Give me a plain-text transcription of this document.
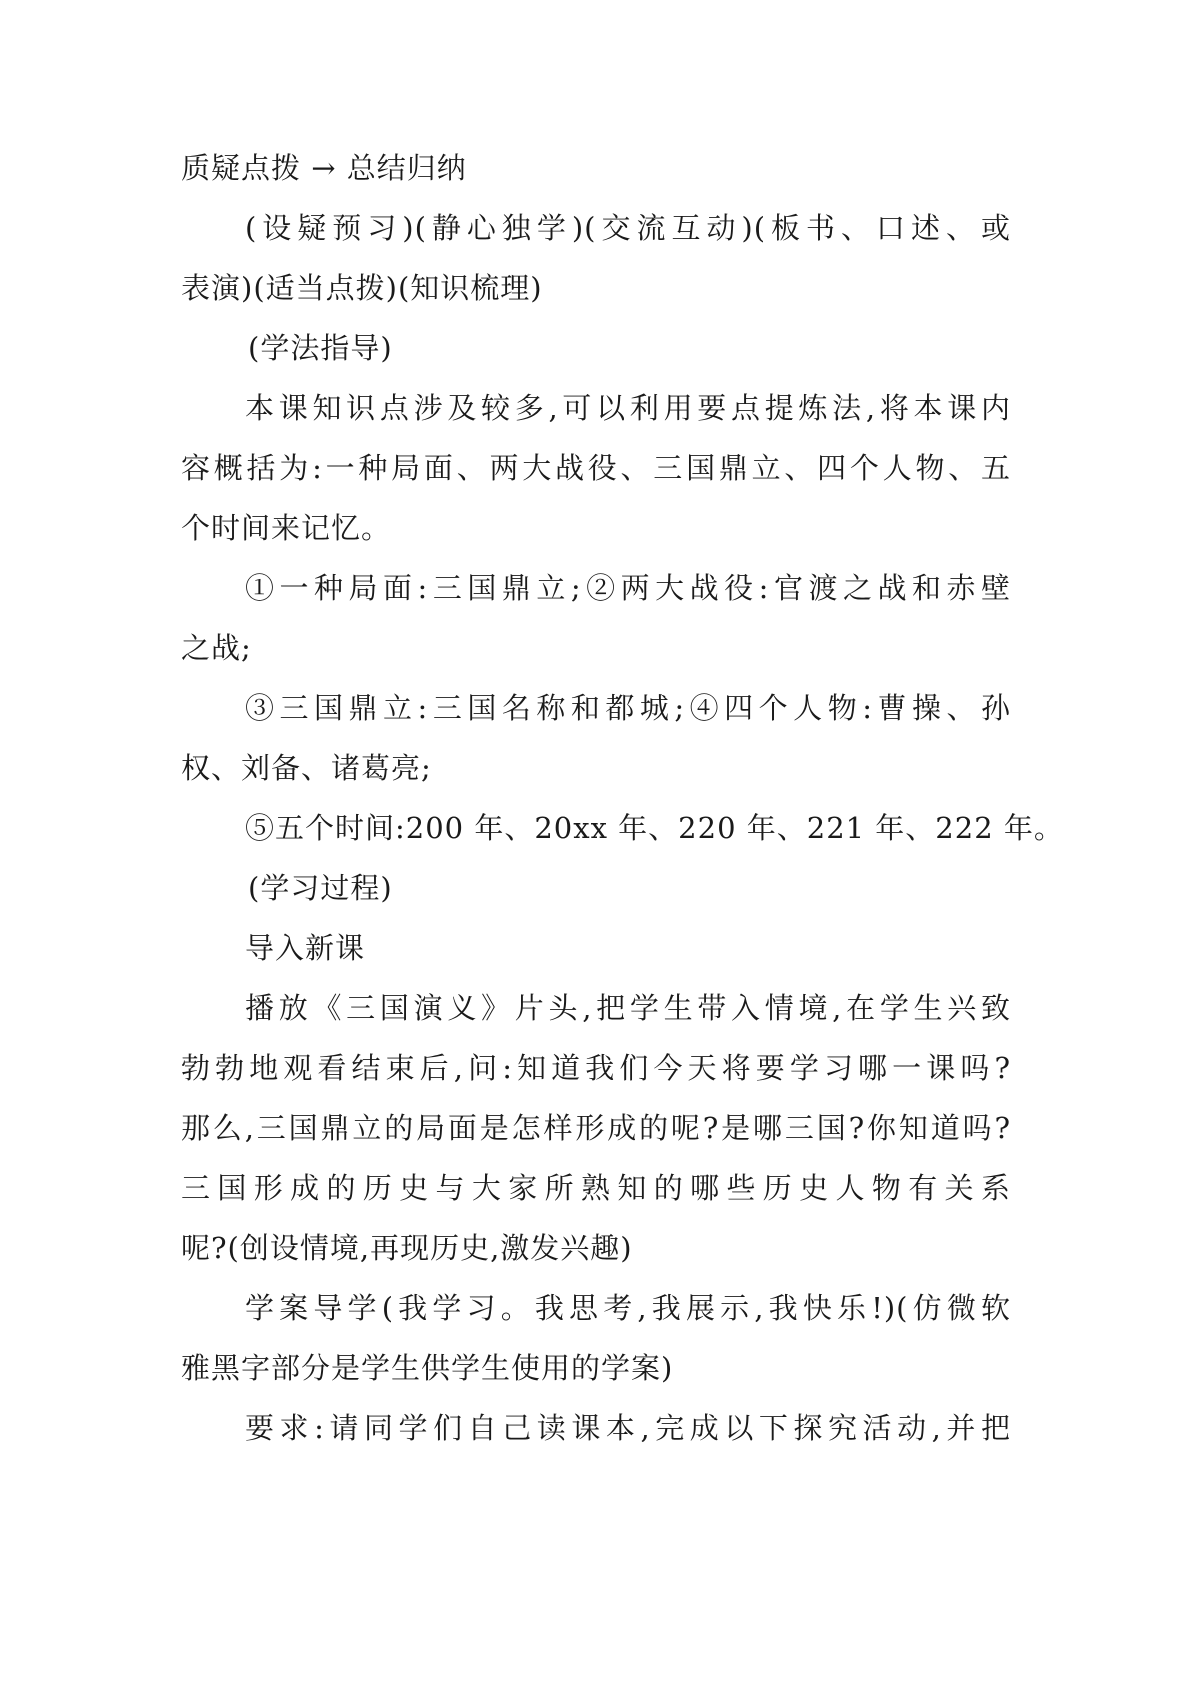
质疑点拨 → 总结归纳
(设疑预习)(静心独学)(交流互动)(板书、口述、或
表演)(适当点拨)(知识梳理)
(学法指导)
本课知识点涉及较多,可以利用要点提炼法,将本课内
容概括为:一种局面、两大战役、三国鼎立、四个人物、五
个时间来记忆。
①一种局面:三国鼎立;②两大战役:官渡之战和赤壁
之战;
③三国鼎立:三国名称和都城;④四个人物:曹操、孙
权、刘备、诸葛亮;
⑤五个时间:200 年、20xx 年、220 年、221 年、222 年。
(学习过程)
导入新课
播放《三国演义》片头,把学生带入情境,在学生兴致
勃勃地观看结束后,问:知道我们今天将要学习哪一课吗?
那么,三国鼎立的局面是怎样形成的呢?是哪三国?你知道吗?
三国形成的历史与大家所熟知的哪些历史人物有关系
呢?(创设情境,再现历史,激发兴趣)
学案导学(我学习。我思考,我展示,我快乐!)(仿微软
雅黑字部分是学生供学生使用的学案)
要求:请同学们自己读课本,完成以下探究活动,并把
